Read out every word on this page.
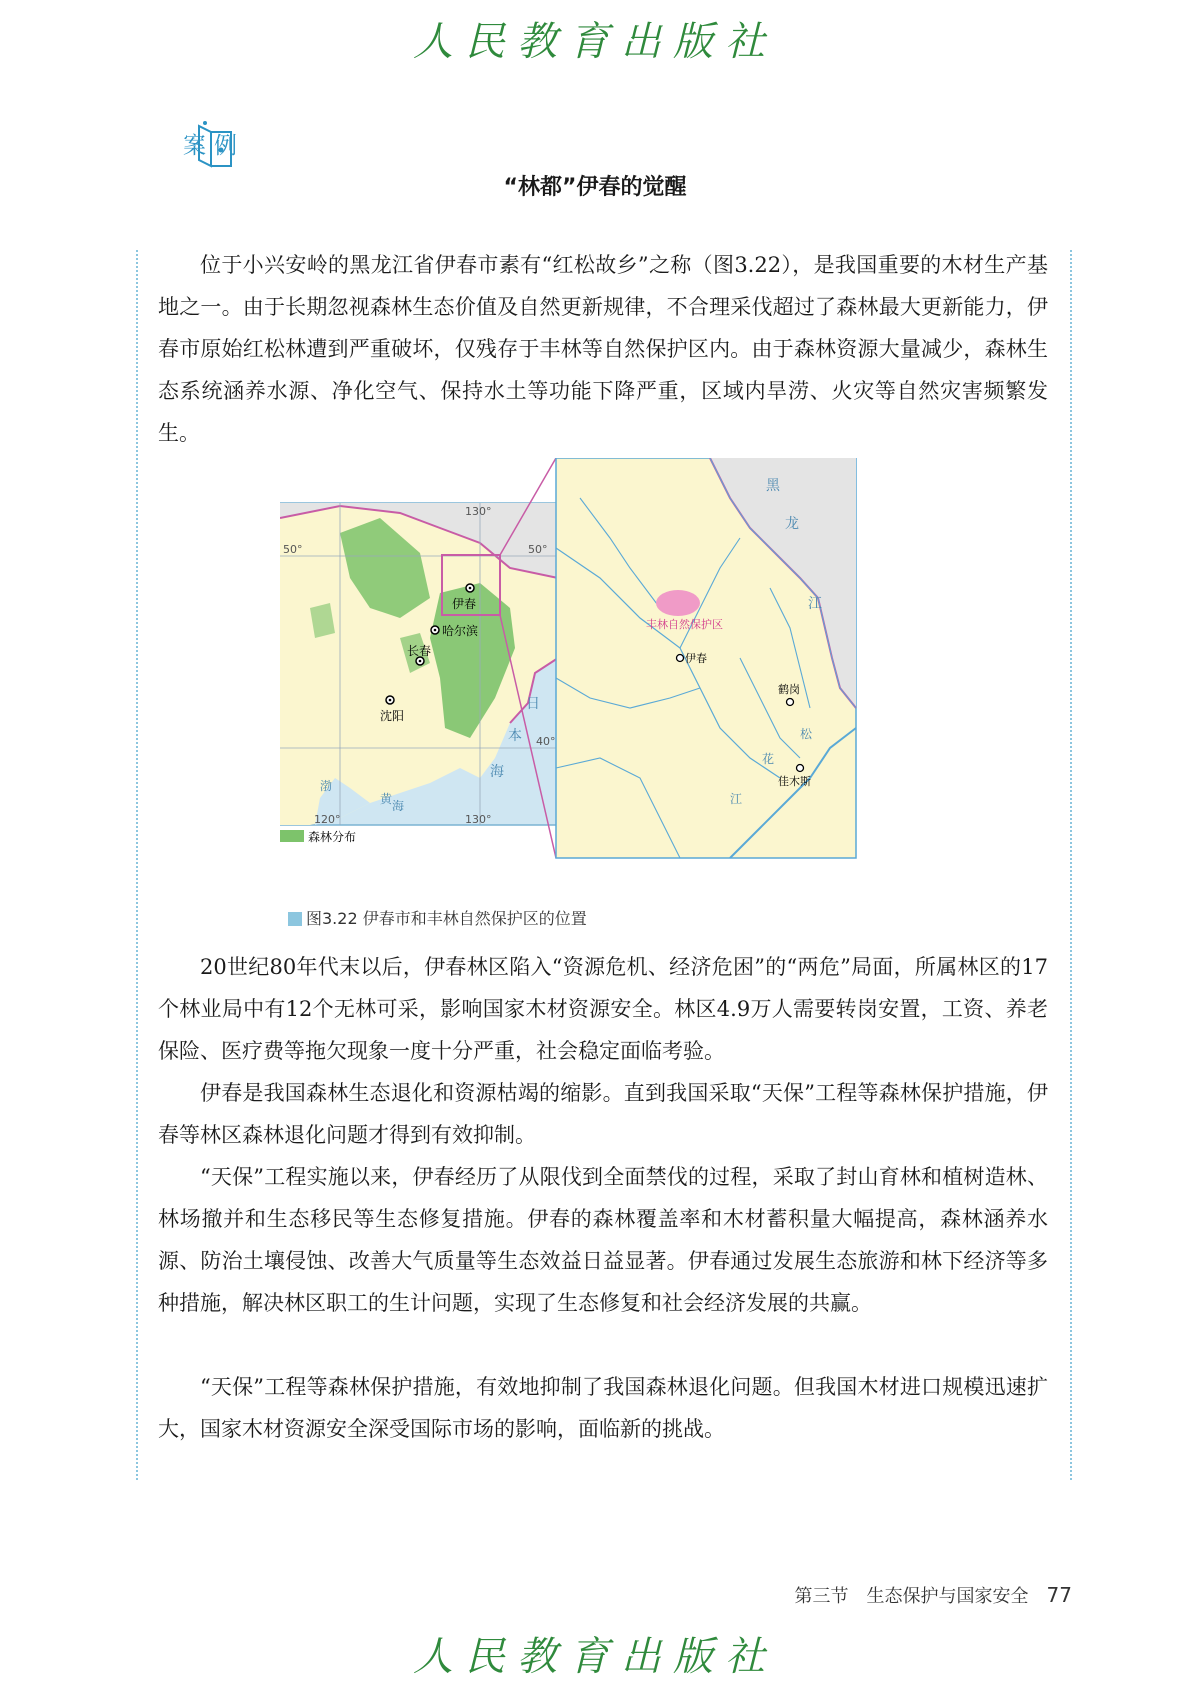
人民教育出版社
案例
“林都”伊春的觉醒

位于小兴安岭的黑龙江省伊春市素有“红松故乡”之称（图3.22），是我国重要的木材生产基地之一。由于长期忽视森林生态价值及自然更新规律，不合理采伐超过了森林最大更新能力，伊春市原始红松林遭到严重破坏，仅残存于丰林等自然保护区内。由于森林资源大量减少，森林生态系统涵养水源、净化空气、保持水土等功能下降严重，区域内旱涝、火灾等自然灾害频繁发生。

130°
120°	130°
50°	50°
40°
伊春
哈尔滨
长春
沈阳
日
本
海
渤
黄 海
森林分布
丰林自然保护区
伊春
鹤岗
佳木斯
黑
龙
江
松
花
江
图3.22 伊春市和丰林自然保护区的位置

20世纪80年代末以后，伊春林区陷入“资源危机、经济危困”的“两危”局面，所属林区的17个林业局中有12个无林可采，影响国家木材资源安全。林区4.9万人需要转岗安置，工资、养老保险、医疗费等拖欠现象一度十分严重，社会稳定面临考验。

伊春是我国森林生态退化和资源枯竭的缩影。直到我国采取“天保”工程等森林保护措施，伊春等林区森林退化问题才得到有效抑制。

“天保”工程实施以来，伊春经历了从限伐到全面禁伐的过程，采取了封山育林和植树造林、林场撤并和生态移民等生态修复措施。伊春的森林覆盖率和木材蓄积量大幅提高，森林涵养水源、防治土壤侵蚀、改善大气质量等生态效益日益显著。伊春通过发展生态旅游和林下经济等多种措施，解决林区职工的生计问题，实现了生态修复和社会经济发展的共赢。

“天保”工程等森林保护措施，有效地抑制了我国森林退化问题。但我国木材进口规模迅速扩大，国家木材资源安全深受国际市场的影响，面临新的挑战。

第三节　生态保护与国家安全 77
人民教育出版社
